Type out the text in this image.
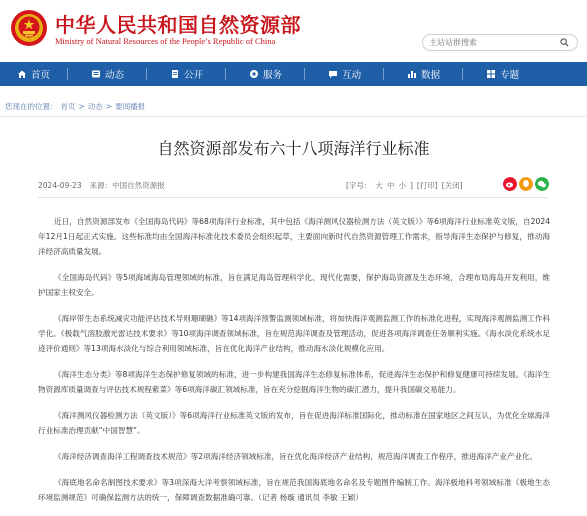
中华人民共和国自然资源部
Ministry of Natural Resources of the People’s Republic of China
主站站群搜索
首页	动态	公开	服务	互动	数据	专题
您现在的位置： 首页 > 动态 > 要闻播报
自然资源部发布六十八项海洋行业标准
2024-09-23 来源：中国自然资源报	[字号： 大 中 小 ] [打印] [关闭]

近日，自然资源部发布《全国海岛代码》等68项海洋行业标准，其中包括《海洋测风仪器检测方法（英文版）》等6项海洋行业标准英文版，自2024年12月1日起正式实施。这些标准均由全国海洋标准化技术委员会组织起草，主要面向新时代自然资源管理工作需求，指导海洋生态保护与修复，推动海洋经济高质量发展。

《全国海岛代码》等5项海域海岛管理领域的标准，旨在满足海岛管理科学化、现代化需要，保护海岛资源及生态环境，合理布局海岛开发利用，维护国家主权安全。

《海岸带生态系统减灾功能评估技术导则珊瑚礁》等14项海洋预警监测领域标准，将加快海洋观测监测工作的标准化进程，实现海洋观测监测工作科学化。《极载气溶胶激光雷达技术要求》等10项海洋调查领域标准，旨在规范海洋调查及管理活动，促进各项海洋调查任务顺利实施。《海水淡化系统水足迹评价通则》等13项海水淡化与综合利用领域标准，旨在优化海洋产业结构，推动海水淡化规模化应用。

《海洋生态分类》等8项海洋生态保护修复领域的标准，进一步构建我国海洋生态修复标准体系，促进海洋生态保护和修复健康可持续发展。《海洋生物资源库质量调查与评估技术规程紫菜》等6项海洋碳汇领域标准，旨在充分挖掘海洋生物的碳汇潜力，提升我国碳交易能力。

《海洋测风仪器检测方法（英文版）》等6项海洋行业标准英文版的发布，旨在促进海洋标准国际化，推动标准在国家地区之间互认，为优化全球海洋行业标准治理贡献“中国智慧”。

《海洋经济调查海洋工程调查技术规范》等2项海洋经济领域标准，旨在优化海洋经济产业结构，规范海洋调查工作程序，推进海洋产业产业化。

《海底地名命名制图技术要求》等3项深海大洋考察领域标准，旨在规范我国海底地名命名及专题图件编制工作。海洋极地科考领域标准《极地生态环境监测规范》可确保监测方法的统一，保障调查数据准确可靠。（记者 杨璇 通讯员 李敏 王颖）
